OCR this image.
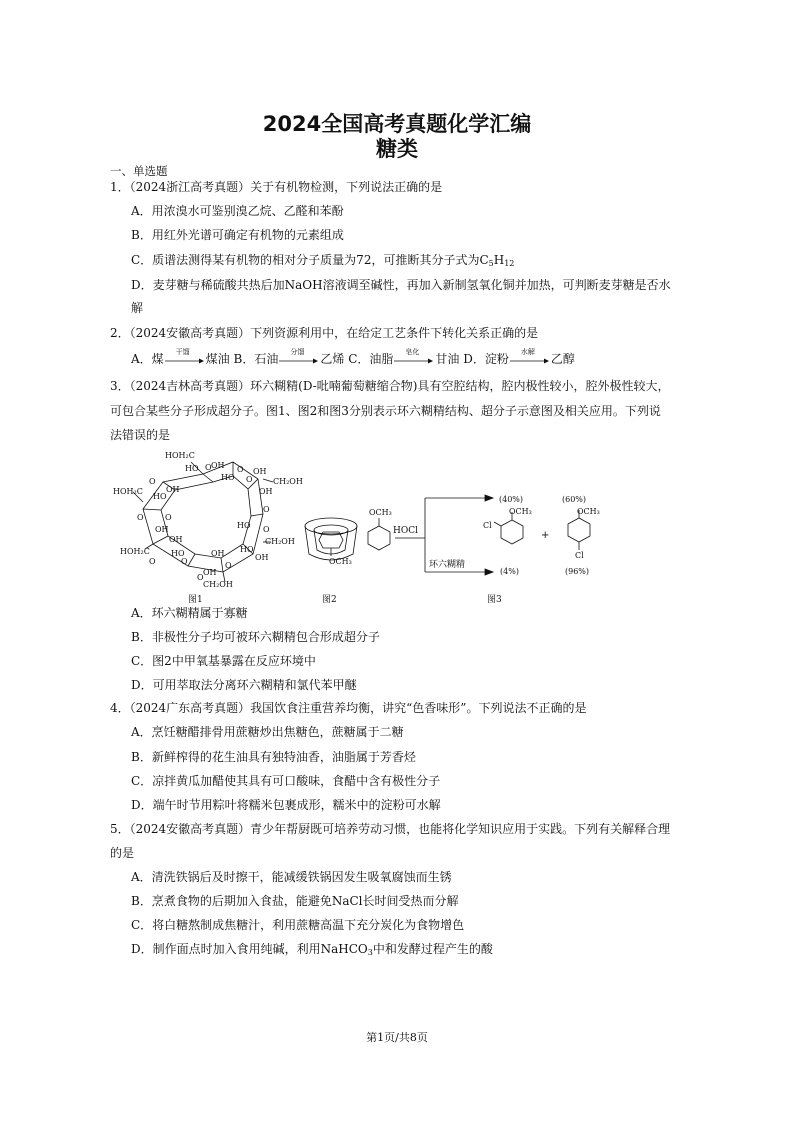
2024全国高考真题化学汇编
糖类
一、单选题
1．（2024浙江高考真题）关于有机物检测，下列说法正确的是
A．用浓溴水可鉴别溴乙烷、乙醛和苯酚
B．用红外光谱可确定有机物的元素组成
C．质谱法测得某有机物的相对分子质量为72，可推断其分子式为$C_5H_{12}$
D．麦芽糖与稀硫酸共热后加NaOH溶液调至碱性，再加入新制氢氧化铜并加热，可判断麦芽糖是否水
解
2．（2024安徽高考真题）下列资源利用中，在给定工艺条件下转化关系正确的是
A．煤
干馏
煤油 B．石油
分馏
乙烯 C．油脂
皂化
甘油 D．淀粉
水解
乙醇
3．（2024吉林高考真题）环六糊精(D-吡喃葡萄糖缩合物)具有空腔结构，腔内极性较小，腔外极性较大，
可包合某些分子形成超分子。图1、图2和图3分别表示环六糊精结构、超分子示意图及相关应用。下列说
法错误的是
HOH₂C
HO O OH
HO
O OH
O	CH₂OH
HOH₂C
O
HO
OH	OH
O	O
O
HO
OH
OH
O
CH₂OH
HO
HOH₂C	HO
O	O
OH	OH
O
O
OH
CH₂OH
图1
OCH₃
图2
OCH₃
HOCl
环六糊精
(40%)	(60%)
OCH₃
Cl
+
OCH₃
Cl
(4%)	(96%)
图3
A．环六糊精属于寡糖
B．非极性分子均可被环六糊精包合形成超分子
C．图2中甲氧基暴露在反应环境中
D．可用萃取法分离环六糊精和氯代苯甲醚
4．（2024广东高考真题）我国饮食注重营养均衡，讲究“色香味形”。下列说法不正确的是
A．烹饪糖醋排骨用蔗糖炒出焦糖色，蔗糖属于二糖
B．新鲜榨得的花生油具有独特油香，油脂属于芳香烃
C．凉拌黄瓜加醋使其具有可口酸味，食醋中含有极性分子
D．端午时节用粽叶将糯米包裹成形，糯米中的淀粉可水解
5．（2024安徽高考真题）青少年帮厨既可培养劳动习惯，也能将化学知识应用于实践。下列有关解释合理
的是
A．清洗铁锅后及时擦干，能减缓铁锅因发生吸氧腐蚀而生锈
B．烹煮食物的后期加入食盐，能避免NaCl长时间受热而分解
C．将白糖熬制成焦糖汁，利用蔗糖高温下充分炭化为食物增色
D．制作面点时加入食用纯碱，利用NaHCO$_3$中和发酵过程产生的酸
第1页/共8页
